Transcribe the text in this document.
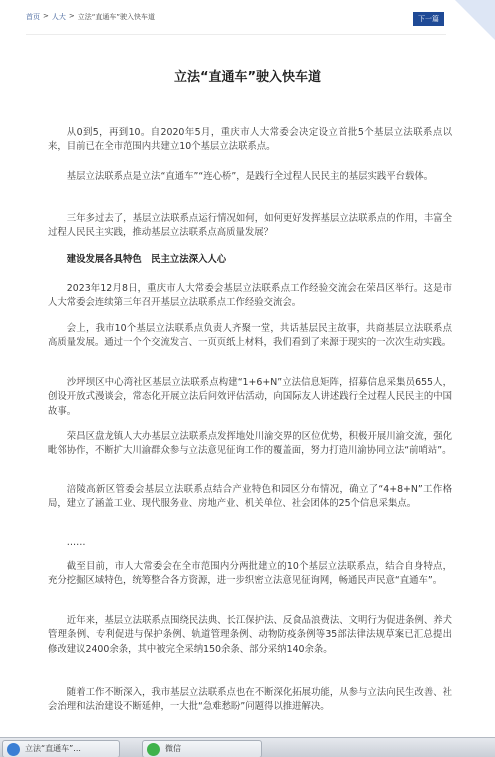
首页 > 人大 > 立法“直通车”驶入快车道	下一篇
立法“直通车”驶入快车道

从0到5，再到10。自2020年5月，重庆市人大常委会决定设立首批5个基层立法联系点以来，目前已在全市范围内共建立10个基层立法联系点。

基层立法联系点是立法“直通车”“连心桥”，是践行全过程人民民主的基层实践平台载体。

三年多过去了，基层立法联系点运行情况如何，如何更好发挥基层立法联系点的作用，丰富全过程人民民主实践，推动基层立法联系点高质量发展？

建设发展各具特色　民主立法深入人心

2023年12月8日，重庆市人大常委会基层立法联系点工作经验交流会在荣昌区举行。这是市人大常委会连续第三年召开基层立法联系点工作经验交流会。

会上，我市10个基层立法联系点负责人齐聚一堂，共话基层民主故事，共商基层立法联系点高质量发展。通过一个个交流发言、一页页纸上材料，我们看到了来源于现实的一次次生动实践。

沙坪坝区中心湾社区基层立法联系点构建“1+6+N”立法信息矩阵，招募信息采集员655人，创设开放式漫谈会，常态化开展立法后问效评估活动，向国际友人讲述践行全过程人民民主的中国故事。

荣昌区盘龙镇人大办基层立法联系点发挥地处川渝交界的区位优势，积极开展川渝交流，强化毗邻协作，不断扩大川渝群众参与立法意见征询工作的覆盖面，努力打造川渝协同立法“前哨站”。

涪陵高新区管委会基层立法联系点结合产业特色和园区分布情况，确立了“4+8+N”工作格局，建立了涵盖工业、现代服务业、房地产业、机关单位、社会团体的25个信息采集点。

……

截至目前，市人大常委会在全市范围内分两批建立的10个基层立法联系点，结合自身特点，充分挖掘区域特色，统筹整合各方资源，进一步织密立法意见征询网，畅通民声民意“直通车”。

近年来，基层立法联系点围绕民法典、长江保护法、反食品浪费法、文明行为促进条例、养犬管理条例、专利促进与保护条例、轨道管理条例、动物防疫条例等35部法律法规草案已汇总提出修改建议2400余条，其中被完全采纳150余条、部分采纳140余条。

随着工作不断深入，我市基层立法联系点也在不断深化拓展功能，从参与立法向民生改善、社会治理和法治建设不断延伸，一大批“急难愁盼”问题得以推进解决。

立法“直通车”...	微信
